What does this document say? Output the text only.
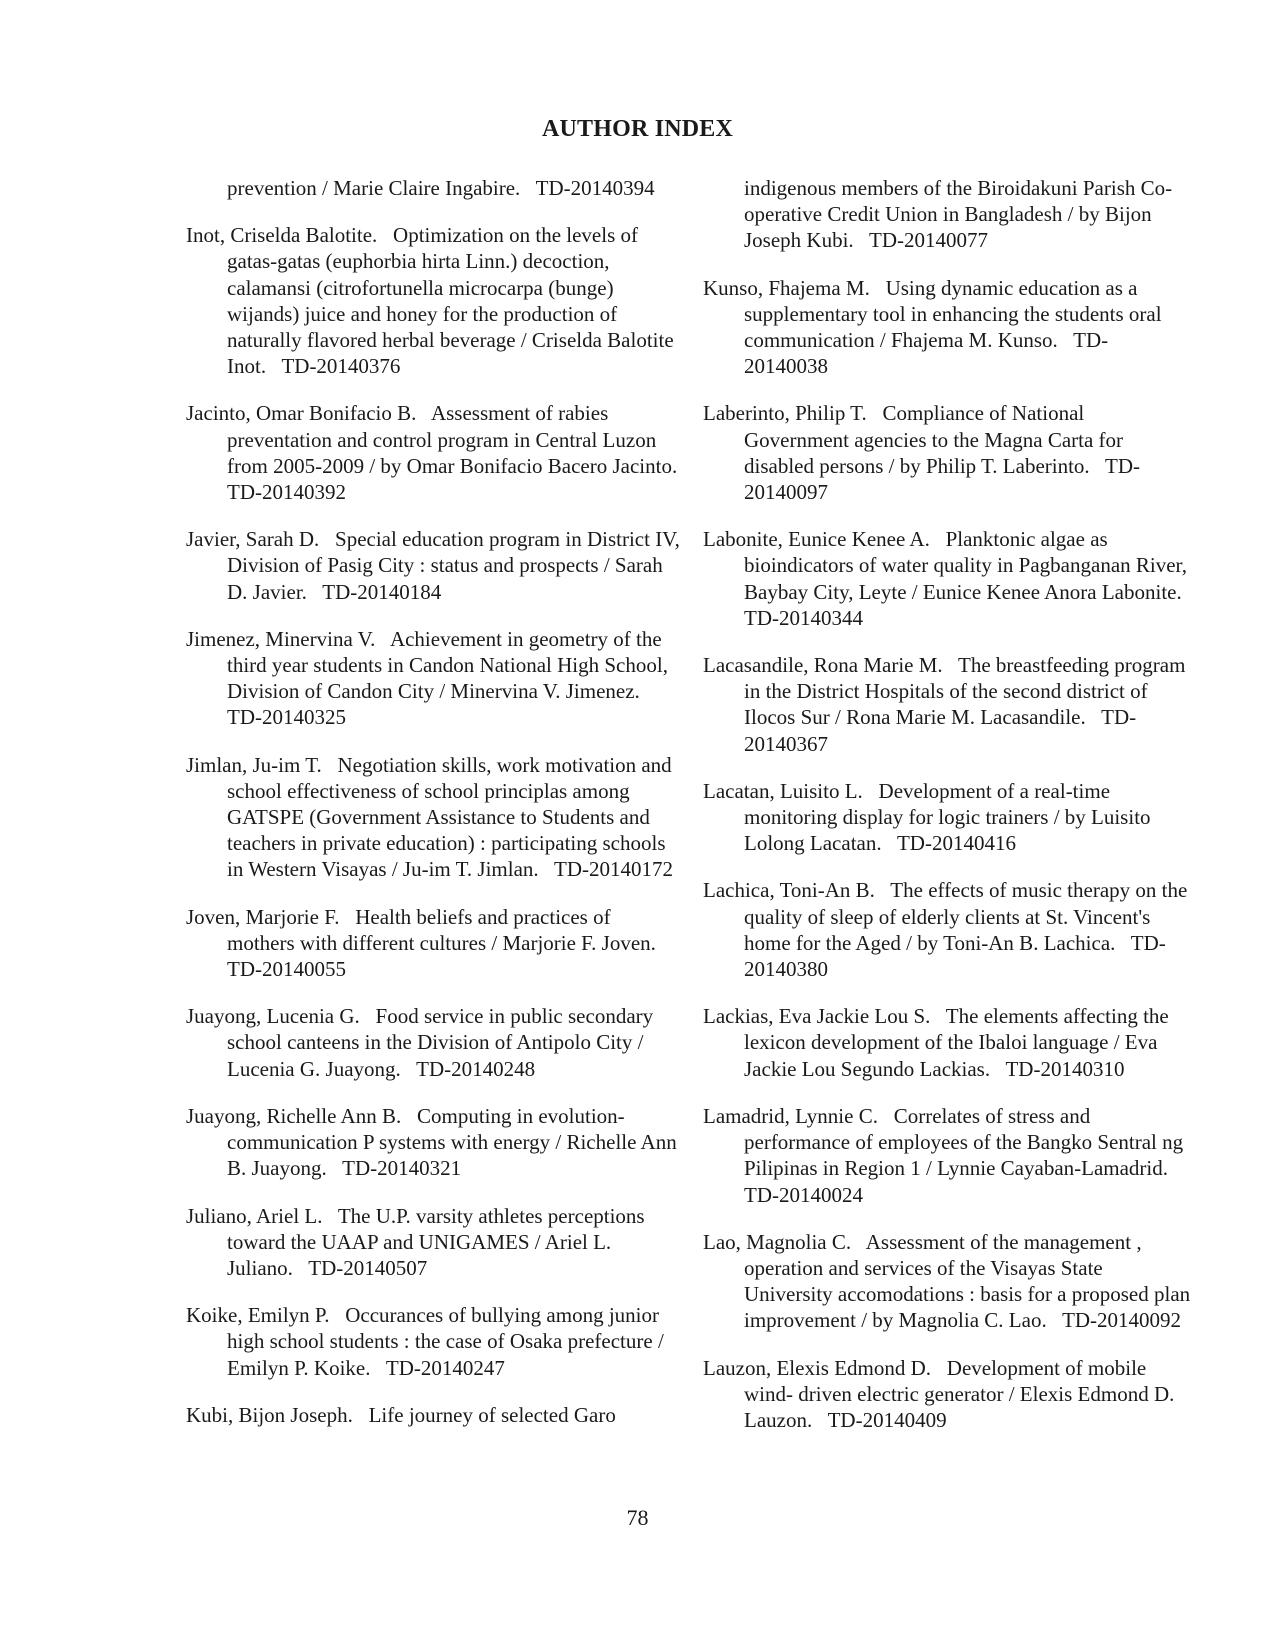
AUTHOR INDEX

prevention / Marie Claire Ingabire.   TD-20140394

Inot, Criselda Balotite.   Optimization on the levels of gatas-gatas (euphorbia hirta Linn.) decoction, calamansi (citrofortunella microcarpa (bunge) wijands) juice and honey for the production of naturally flavored herbal beverage / Criselda Balotite Inot.   TD-20140376

Jacinto, Omar Bonifacio B.   Assessment of rabies preventation and control program in Central Luzon from 2005-2009 / by Omar Bonifacio Bacero Jacinto.   TD-20140392

Javier, Sarah D.   Special education program in District IV, Division of Pasig City : status and prospects / Sarah D. Javier.   TD-20140184

Jimenez, Minervina V.   Achievement in geometry of the third year students in Candon National High School, Division of Candon City / Minervina V. Jimenez.   TD-20140325

Jimlan, Ju-im T.   Negotiation skills, work motivation and school effectiveness of school principlas among GATSPE (Government Assistance to Students and teachers in private education) : participating schools in Western Visayas / Ju-im T. Jimlan.   TD-20140172

Joven, Marjorie F.   Health beliefs and practices of mothers with different cultures / Marjorie F. Joven.   TD-20140055

Juayong, Lucenia G.   Food service in public secondary school canteens in the Division of Antipolo City / Lucenia G. Juayong.   TD-20140248

Juayong, Richelle Ann B.   Computing in evolution-communication P systems with energy / Richelle Ann B. Juayong.   TD-20140321

Juliano, Ariel L.   The U.P. varsity athletes perceptions toward the UAAP and UNIGAMES / Ariel L. Juliano.   TD-20140507

Koike, Emilyn P.   Occurances of bullying among junior high school students : the case of Osaka prefecture / Emilyn P. Koike.   TD-20140247

Kubi, Bijon Joseph.   Life journey of selected Garo

indigenous members of the Biroidakuni Parish Co-operative Credit Union in Bangladesh / by Bijon Joseph Kubi.   TD-20140077

Kunso, Fhajema M.   Using dynamic education as a supplementary tool in enhancing the students oral communication / Fhajema M. Kunso.   TD-20140038

Laberinto, Philip T.   Compliance of National Government agencies to the Magna Carta for disabled persons / by Philip T. Laberinto.   TD-20140097

Labonite, Eunice Kenee A.   Planktonic algae as bioindicators of water quality in Pagbanganan River, Baybay City, Leyte / Eunice Kenee Anora Labonite.   TD-20140344

Lacasandile, Rona Marie M.   The breastfeeding program in the District Hospitals of the second district of Ilocos Sur / Rona Marie M. Lacasandile.   TD-20140367

Lacatan, Luisito L.   Development of a real-time monitoring display for logic trainers / by Luisito Lolong Lacatan.   TD-20140416

Lachica, Toni-An B.   The effects of music therapy on the quality of sleep of elderly clients at St. Vincent's home for the Aged / by Toni-An B. Lachica.   TD-20140380

Lackias, Eva Jackie Lou S.   The elements affecting the lexicon development of the Ibaloi language / Eva Jackie Lou Segundo Lackias.   TD-20140310

Lamadrid, Lynnie C.   Correlates of stress and performance of employees of the Bangko Sentral ng Pilipinas in Region 1 / Lynnie Cayaban-Lamadrid.   TD-20140024

Lao, Magnolia C.   Assessment of the management , operation and services of the Visayas State University accomodations : basis for a proposed plan improvement / by Magnolia C. Lao.   TD-20140092

Lauzon, Elexis Edmond D.   Development of mobile wind- driven electric generator / Elexis Edmond D. Lauzon.   TD-20140409

78
